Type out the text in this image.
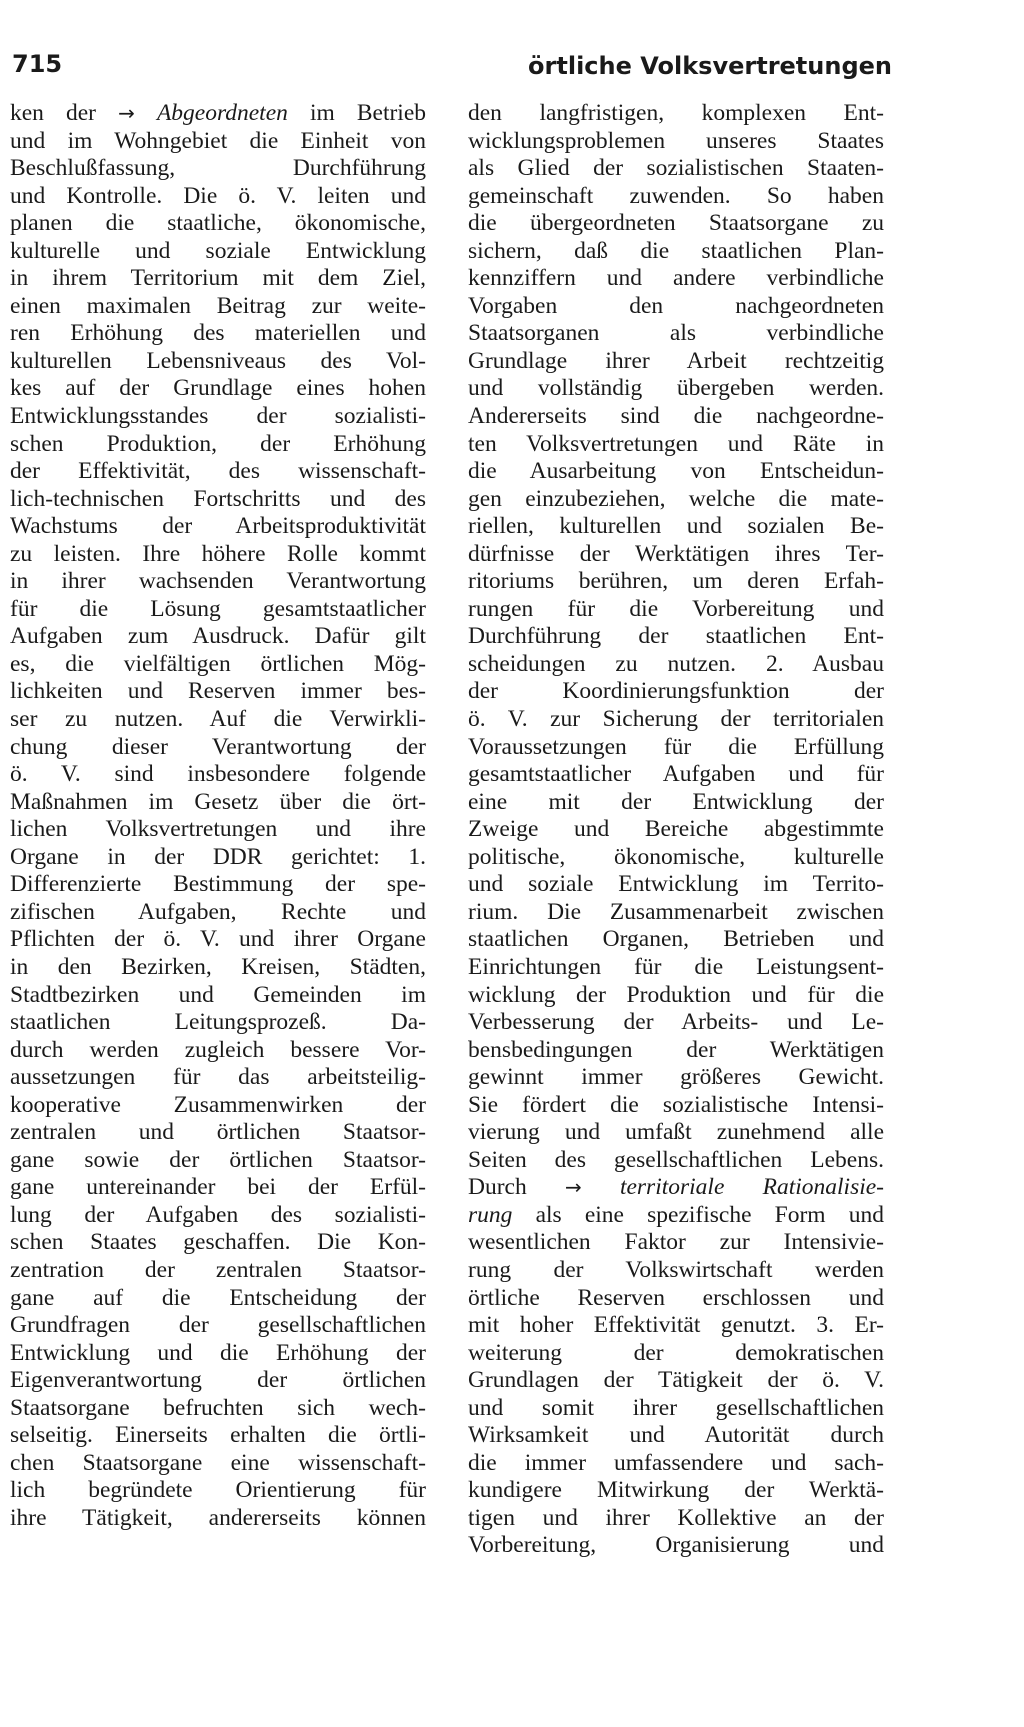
715	örtliche Volksvertretungen
ken der → Abgeordneten im Betrieb
und im Wohngebiet die Einheit von
Beschlußfassung, Durchführung
und Kontrolle. Die ö. V. leiten und
planen die staatliche, ökonomische,
kulturelle und soziale Entwicklung
in ihrem Territorium mit dem Ziel,
einen maximalen Beitrag zur weite-
ren Erhöhung des materiellen und
kulturellen Lebensniveaus des Vol-
kes auf der Grundlage eines hohen
Entwicklungsstandes der sozialisti-
schen Produktion, der Erhöhung
der Effektivität, des wissenschaft-
lich-technischen Fortschritts und des
Wachstums der Arbeitsproduktivität
zu leisten. Ihre höhere Rolle kommt
in ihrer wachsenden Verantwortung
für die Lösung gesamtstaatlicher
Aufgaben zum Ausdruck. Dafür gilt
es, die vielfältigen örtlichen Mög-
lichkeiten und Reserven immer bes-
ser zu nutzen. Auf die Verwirkli-
chung dieser Verantwortung der
ö. V. sind insbesondere folgende
Maßnahmen im Gesetz über die ört-
lichen Volksvertretungen und ihre
Organe in der DDR gerichtet: 1.
Differenzierte Bestimmung der spe-
zifischen Aufgaben, Rechte und
Pflichten der ö. V. und ihrer Organe
in den Bezirken, Kreisen, Städten,
Stadtbezirken und Gemeinden im
staatlichen Leitungsprozeß. Da-
durch werden zugleich bessere Vor-
aussetzungen für das arbeitsteilig-
kooperative Zusammenwirken der
zentralen und örtlichen Staatsor-
gane sowie der örtlichen Staatsor-
gane untereinander bei der Erfül-
lung der Aufgaben des sozialisti-
schen Staates geschaffen. Die Kon-
zentration der zentralen Staatsor-
gane auf die Entscheidung der
Grundfragen der gesellschaftlichen
Entwicklung und die Erhöhung der
Eigenverantwortung der örtlichen
Staatsorgane befruchten sich wech-
selseitig. Einerseits erhalten die örtli-
chen Staatsorgane eine wissenschaft-
lich begründete Orientierung für
ihre Tätigkeit, andererseits können
den langfristigen, komplexen Ent-
wicklungsproblemen unseres Staates
als Glied der sozialistischen Staaten-
gemeinschaft zuwenden. So haben
die übergeordneten Staatsorgane zu
sichern, daß die staatlichen Plan-
kennziffern und andere verbindliche
Vorgaben den nachgeordneten
Staatsorganen als verbindliche
Grundlage ihrer Arbeit rechtzeitig
und vollständig übergeben werden.
Andererseits sind die nachgeordne-
ten Volksvertretungen und Räte in
die Ausarbeitung von Entscheidun-
gen einzubeziehen, welche die mate-
riellen, kulturellen und sozialen Be-
dürfnisse der Werktätigen ihres Ter-
ritoriums berühren, um deren Erfah-
rungen für die Vorbereitung und
Durchführung der staatlichen Ent-
scheidungen zu nutzen. 2. Ausbau
der Koordinierungsfunktion der
ö. V. zur Sicherung der territorialen
Voraussetzungen für die Erfüllung
gesamtstaatlicher Aufgaben und für
eine mit der Entwicklung der
Zweige und Bereiche abgestimmte
politische, ökonomische, kulturelle
und soziale Entwicklung im Territo-
rium. Die Zusammenarbeit zwischen
staatlichen Organen, Betrieben und
Einrichtungen für die Leistungsent-
wicklung der Produktion und für die
Verbesserung der Arbeits- und Le-
bensbedingungen der Werktätigen
gewinnt immer größeres Gewicht.
Sie fördert die sozialistische Intensi-
vierung und umfaßt zunehmend alle
Seiten des gesellschaftlichen Lebens.
Durch → territoriale Rationalisie-
rung als eine spezifische Form und
wesentlichen Faktor zur Intensivie-
rung der Volkswirtschaft werden
örtliche Reserven erschlossen und
mit hoher Effektivität genutzt. 3. Er-
weiterung der demokratischen
Grundlagen der Tätigkeit der ö. V.
und somit ihrer gesellschaftlichen
Wirksamkeit und Autorität durch
die immer umfassendere und sach-
kundigere Mitwirkung der Werktä-
tigen und ihrer Kollektive an der
Vorbereitung, Organisierung und
